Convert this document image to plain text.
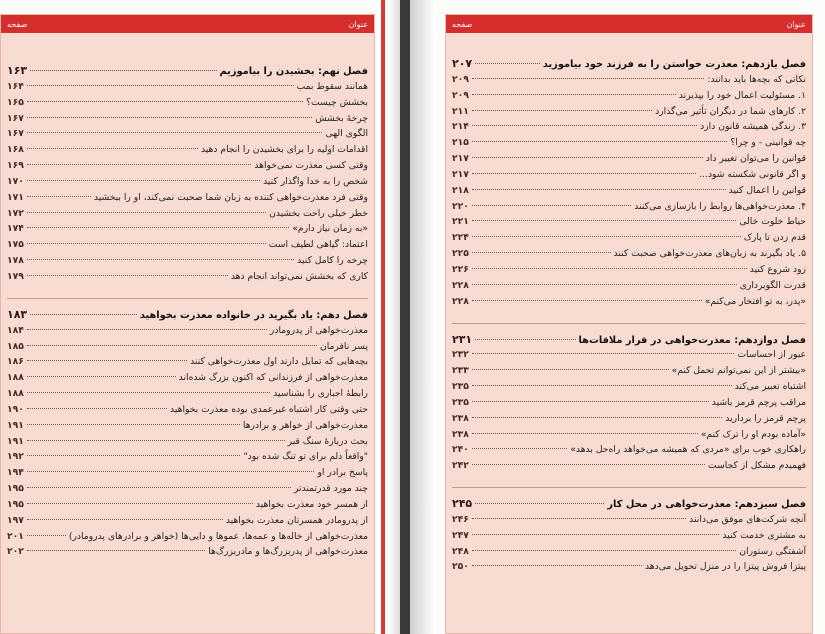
صفحه	عنوان
فصل نهم: بخشیدن را بیاموزیم
۱۶۳
همانند سقوط بمب
۱۶۴
بخشش چیست؟
۱۶۵
چرخهٔ بخشش
۱۶۷
الگوی الهی
۱۶۷
اقدامات اولیه را برای بخشیدن را انجام دهید
۱۶۸
وقتی کسی معذرت نمی‌خواهد
۱۶۹
شخص را به خدا واگذار کنید
۱۷۰
وقتی فرد معذرت‌خواهی کننده به زبان شما صحبت نمی‌کند، او را ببخشید
۱۷۱
خطر خیلی راحت بخشیدن
۱۷۲
«به زمان نیاز دارم»
۱۷۴
اعتماد: گیاهی لطیف است
۱۷۵
چرخه را کامل کنید
۱۷۸
کاری که بخشش نمی‌تواند انجام دهد
۱۷۹
فصل دهم: یاد بگیرید در خانواده معذرت بخواهید
۱۸۳
معذرت‌خواهی از پدرومادر
۱۸۴
پسر نافرمان
۱۸۵
بچه‌هایی که تمایل دارند اول معذرت‌خواهی کنند
۱۸۶
معذرت‌خواهی از فرزندانی که اکنون بزرگ شده‌اند
۱۸۸
رابطهٔ اجباری را بشناسید
۱۸۸
حتی وقتی کار اشتباه غیرعمدی بوده معذرت بخواهید
۱۹۰
معذرت‌خواهی از خواهر و برادرها
۱۹۱
بحث دربارهٔ سنگ قبر
۱۹۱
"واقعاً دلم برای تو تنگ شده بود"
۱۹۲
پاسخ برادر او
۱۹۴
چند مورد قدرتمندتر
۱۹۵
از همسر خود معذرت بخواهید
۱۹۵
از پدرومادر همسرتان معذرت بخواهید
۱۹۷
معذرت‌خواهی از خاله‌ها و عمه‌ها، عموها و دایی‌ها (خواهر و برادرهای پدرومادر)
۲۰۱
معذرت‌خواهی از پدربزرگ‌ها و مادربزرگ‌ها
۲۰۲
صفحه	عنوان
فصل یازدهم: معذرت خواستن را به فرزند خود بیاموزید
۲۰۷
نکاتی که بچه‌ها باید بدانند:
۲۰۹
۱. مسئولیت اعمال خود را بپذیرند
۲۰۹
۲. کارهای شما در دیگران تأثیر می‌گذارد
۲۱۱
۳. زندگی همیشه قانون دارد
۲۱۴
چه قوانینی - و چرا؟
۲۱۵
قوانین را می‌توان تغییر داد
۲۱۷
و اگر قانونی شکسته شود...
۲۱۷
قوانین را اعمال کنید
۲۱۸
۴. معذرت‌خواهی‌ها روابط را بازسازی می‌کنند
۲۲۰
حیاط خلوت خالی
۲۲۱
قدم زدن تا پارک
۲۲۴
۵. یاد بگیرند به زبان‌های معذرت‌خواهی صحبت کنند
۲۲۵
زود شروع کنید
۲۲۶
قدرت الگوبرداری
۲۲۸
«پدر، به تو افتخار می‌کنم»
۲۲۸
فصل دوازدهم: معذرت‌خواهی در قرار ملاقات‌ها
۲۳۱
عبور از احساسات
۲۳۲
«بیشتر از این نمی‌توانم تحمل کنم»
۲۳۳
اشتباه تعبیر می‌کند
۲۳۵
مراقب پرچم قرمز باشید
۲۳۵
پرچم قرمز را بردارید
۲۳۸
«آماده بودم او را ترک کنم»
۲۳۸
راهکاری خوب برای «مردی که همیشه می‌خواهد راه‌حل بدهد»
۲۴۰
فهمیدم مشکل از کجاست
۲۴۲
فصل سیزدهم: معذرت‌خواهی در محل کار
۲۴۵
آنچه شرکت‌های موفق می‌دانند
۲۴۶
به مشتری خدمت کنید
۲۴۷
آشفتگی رستوران
۲۴۸
پیتزا فروش پیتزا را در منزل تحویل می‌دهد
۲۵۰
